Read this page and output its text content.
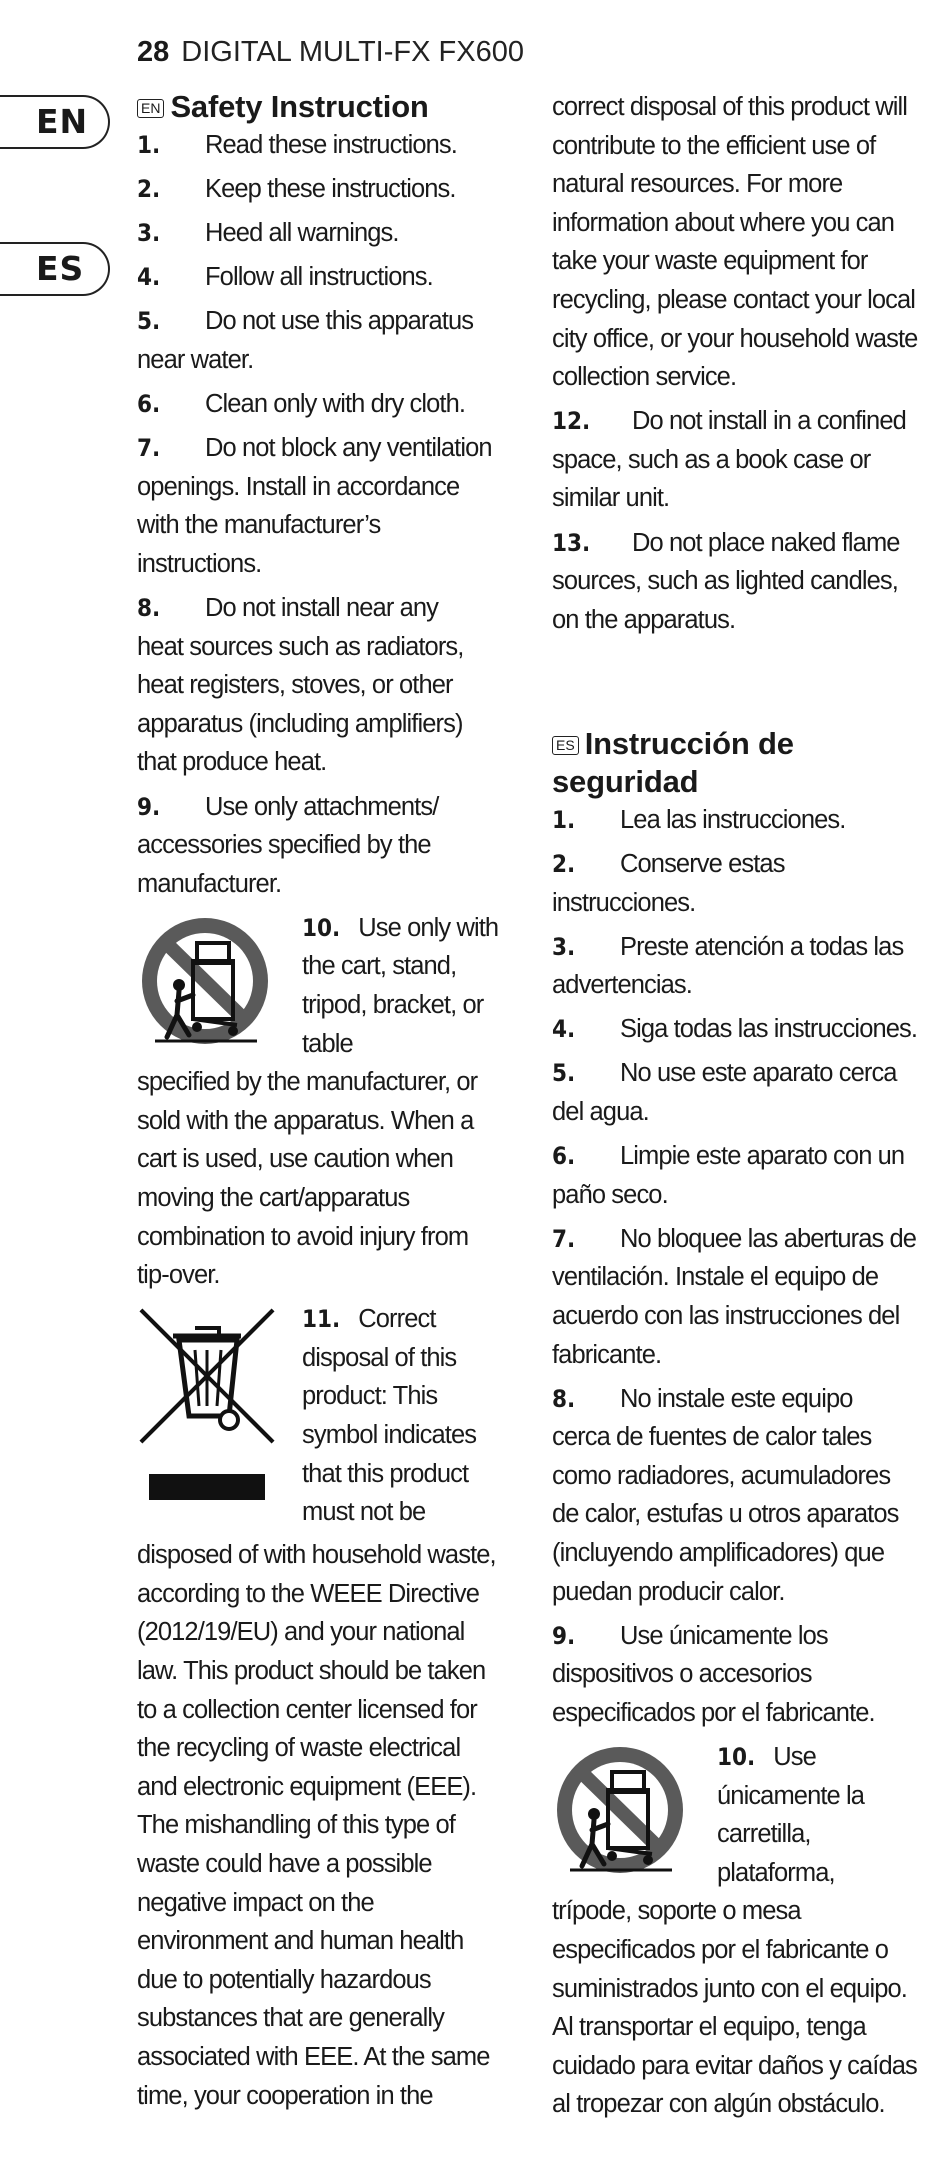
28 DIGITAL MULTI-FX FX600
EN
ES
EN Safety Instruction

1. Read these instructions.

2. Keep these instructions.

3. Heed all warnings.

4. Follow all instructions.

5. Do not use this apparatus
near water.

6. Clean only with dry cloth.

7. Do not block any ventilation
openings. Install in accordance with the manufacturer’s instructions.

8. Do not install near any
heat sources such as radiators, heat registers, stoves, or other apparatus (including amplifiers) that produce heat.

9. Use only attachments/
accessories specified by the manufacturer.

10. Use only with the cart, stand, tripod, bracket, or table

specified by the manufacturer, or sold with the apparatus. When a cart is used, use caution when moving the cart/apparatus combination to avoid injury from tip-over.

11. Correct disposal of this product: This symbol indicates that this product must not be

disposed of with household waste, according to the WEEE Directive (2012/19/EU) and your national law. This product should be taken to a collection center licensed for the recycling of waste electrical and electronic equipment (EEE). The mishandling of this type of waste could have a possible negative impact on the environment and human health due to potentially hazardous substances that are generally associated with EEE. At the same time, your cooperation in the

correct disposal of this product will contribute to the efficient use of natural resources. For more information about where you can take your waste equipment for recycling, please contact your local city office, or your household waste collection service.

12. Do not install in a confined
space, such as a book case or similar unit.

13. Do not place naked flame
sources, such as lighted candles, on the apparatus.

ES Instrucción de seguridad

1. Lea las instrucciones.

2. Conserve estas
instrucciones.

3. Preste atención a todas las
advertencias.

4. Siga todas las instrucciones.

5. No use este aparato cerca
del agua.

6. Limpie este aparato con un
paño seco.

7. No bloquee las aberturas de
ventilación. Instale el equipo de acuerdo con las instrucciones del fabricante.

8. No instale este equipo
cerca de fuentes de calor tales como radiadores, acumuladores de calor, estufas u otros aparatos (incluyendo amplificadores) que puedan producir calor.

9. Use únicamente los
dispositivos o accesorios especificados por el fabricante.

10. Use únicamente la carretilla, plataforma,

trípode, soporte o mesa especificados por el fabricante o suministrados junto con el equipo. Al transportar el equipo, tenga cuidado para evitar daños y caídas al tropezar con algún obstáculo.
